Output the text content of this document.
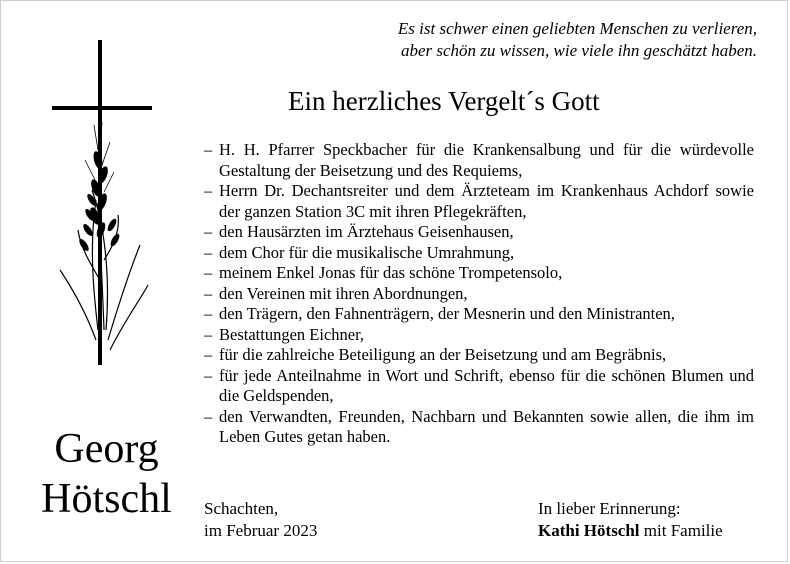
Es ist schwer einen geliebten Menschen zu verlieren,
aber schön zu wissen, wie viele ihn geschätzt haben.
Ein herzliches Vergelt´s Gott
– H. H. Pfarrer Speckbacher für die Krankensalbung und für die würdevolle Gestaltung der Beisetzung und des Requiems,
– Herrn Dr. Dechantsreiter und dem Ärzteteam im Krankenhaus Achdorf sowie der ganzen Station 3C mit ihren Pflegekräften,
– den Hausärzten im Ärztehaus Geisenhausen,
– dem Chor für die musikalische Umrahmung,
– meinem Enkel Jonas für das schöne Trompetensolo,
– den Vereinen mit ihren Abordnungen,
– den Trägern, den Fahnenträgern, der Mesnerin und den Ministranten,
– Bestattungen Eichner,
– für die zahlreiche Beteiligung an der Beisetzung und am Begräbnis,
– für jede Anteilnahme in Wort und Schrift, ebenso für die schönen Blumen und die Geldspenden,
– den Verwandten, Freunden, Nachbarn und Bekannten sowie allen, die ihm im Leben Gutes getan haben.
Georg
Hötschl	Schachten,
im Februar 2023
In lieber Erinnerung:
Kathi Hötschl mit Familie
